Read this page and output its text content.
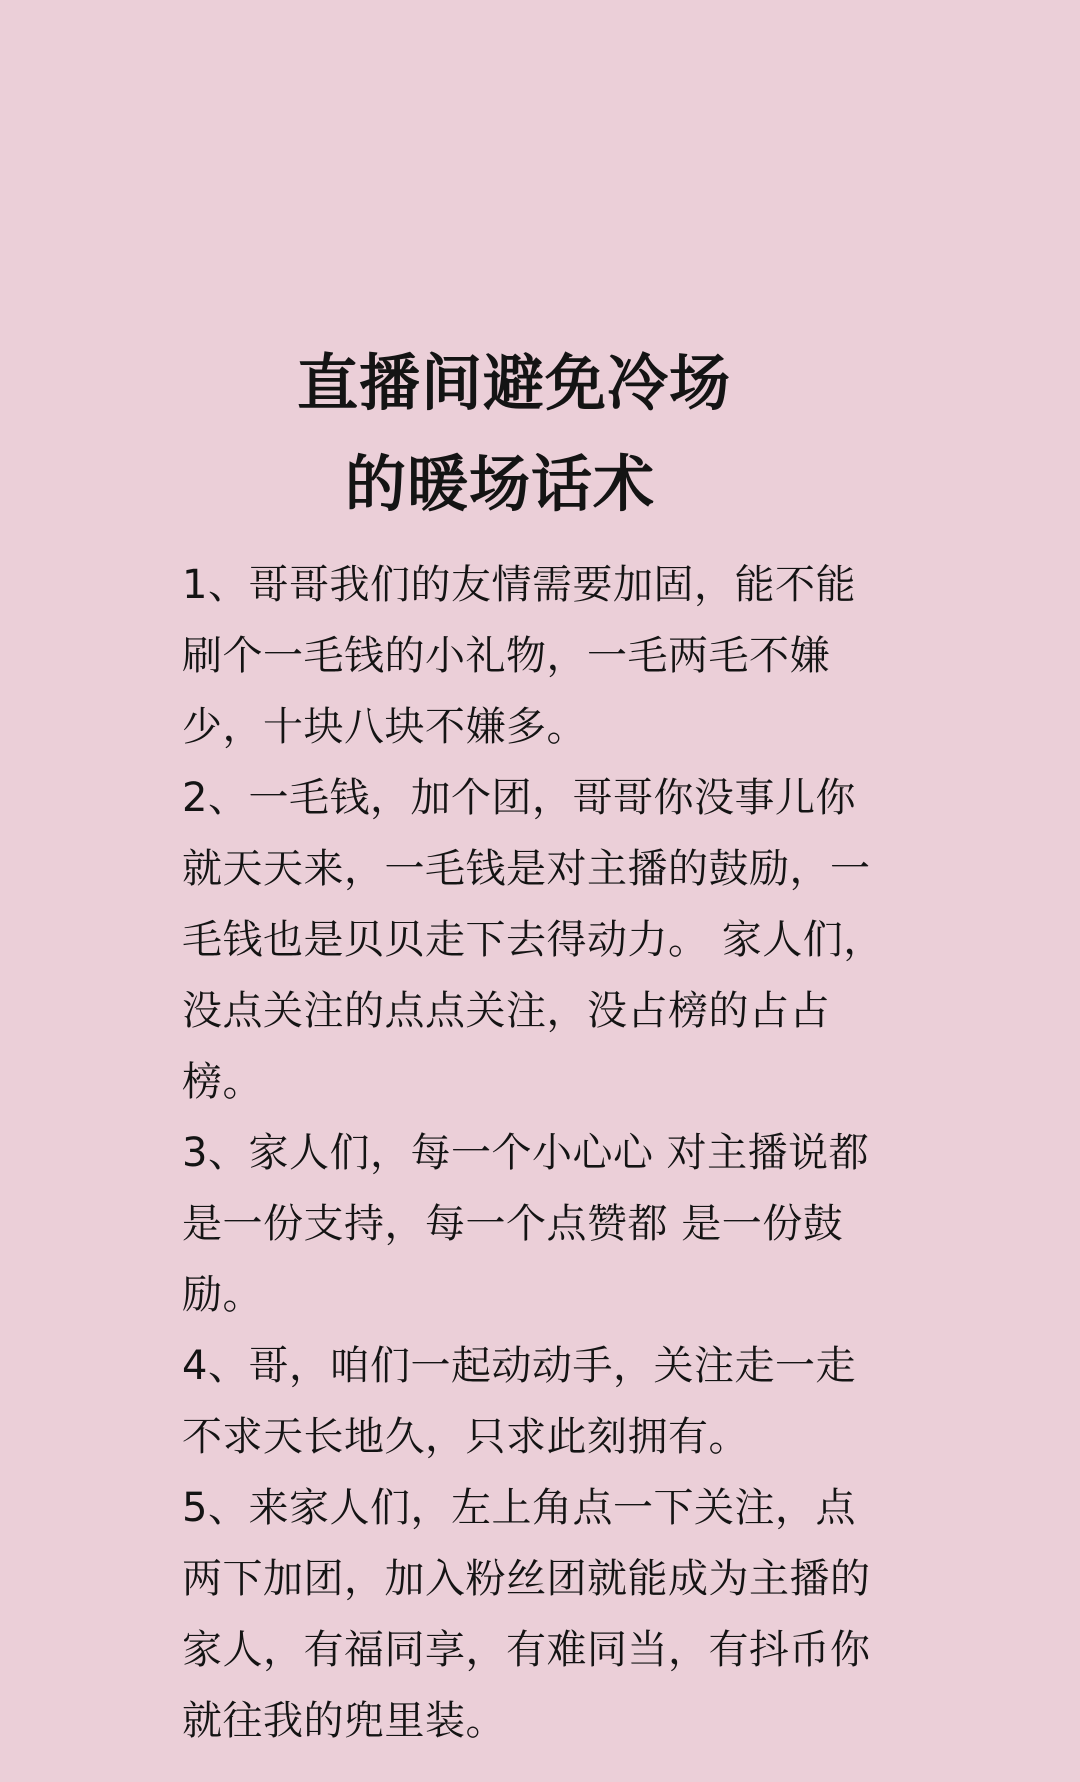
直播间避免冷场
的暖场话术
1、哥哥我们的友情需要加固，能不能
刷个一毛钱的小礼物，一毛两毛不嫌
少，十块八块不嫌多。
2、一毛钱，加个团，哥哥你没事儿你
就天天来，一毛钱是对主播的鼓励，一
毛钱也是贝贝走下去得动力。 家人们，
没点关注的点点关注，没占榜的占占
榜。
3、家人们，每一个小心心 对主播说都
是一份支持，每一个点赞都 是一份鼓
励。
4、哥，咱们一起动动手，关注走一走
不求天长地久，只求此刻拥有。
5、来家人们，左上角点一下关注，点
两下加团，加入粉丝团就能成为主播的
家人，有福同享，有难同当，有抖币你
就往我的兜里装。
